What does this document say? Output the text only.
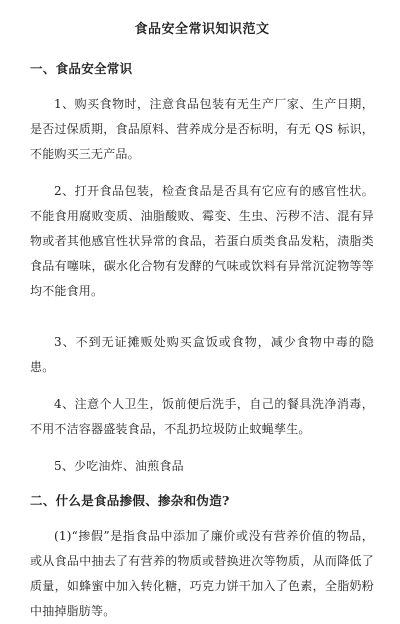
食品安全常识知识范文
一、食品安全常识

1、购买食物时，注意食品包装有无生产厂家、生产日期，是否过保质期，食品原料、营养成分是否标明，有无 QS 标识，不能购买三无产品。

2、打开食品包装，检查食品是否具有它应有的感官性状。不能食用腐败变质、油脂酸败、霉变、生虫、污秽不洁、混有异物或者其他感官性状异常的食品，若蛋白质类食品发粘，渍脂类食品有噻味，碳水化合物有发酵的气味或饮料有异常沉淀物等等均不能食用。

3、不到无证摊贩处购买盒饭或食物，减少食物中毒的隐患。

4、注意个人卫生，饭前便后洗手，自己的餐具洗净消毒，不用不洁容器盛装食品，不乱扔垃圾防止蚊蝇孳生。

5、少吃油炸、油煎食品

二、什么是食品掺假、掺杂和伪造?

(1)“掺假”是指食品中添加了廉价或没有营养价值的物品，或从食品中抽去了有营养的物质或替换进次等物质，从而降低了质量，如蜂蜜中加入转化糖，巧克力饼干加入了色素，全脂奶粉中抽掉脂肪等。
